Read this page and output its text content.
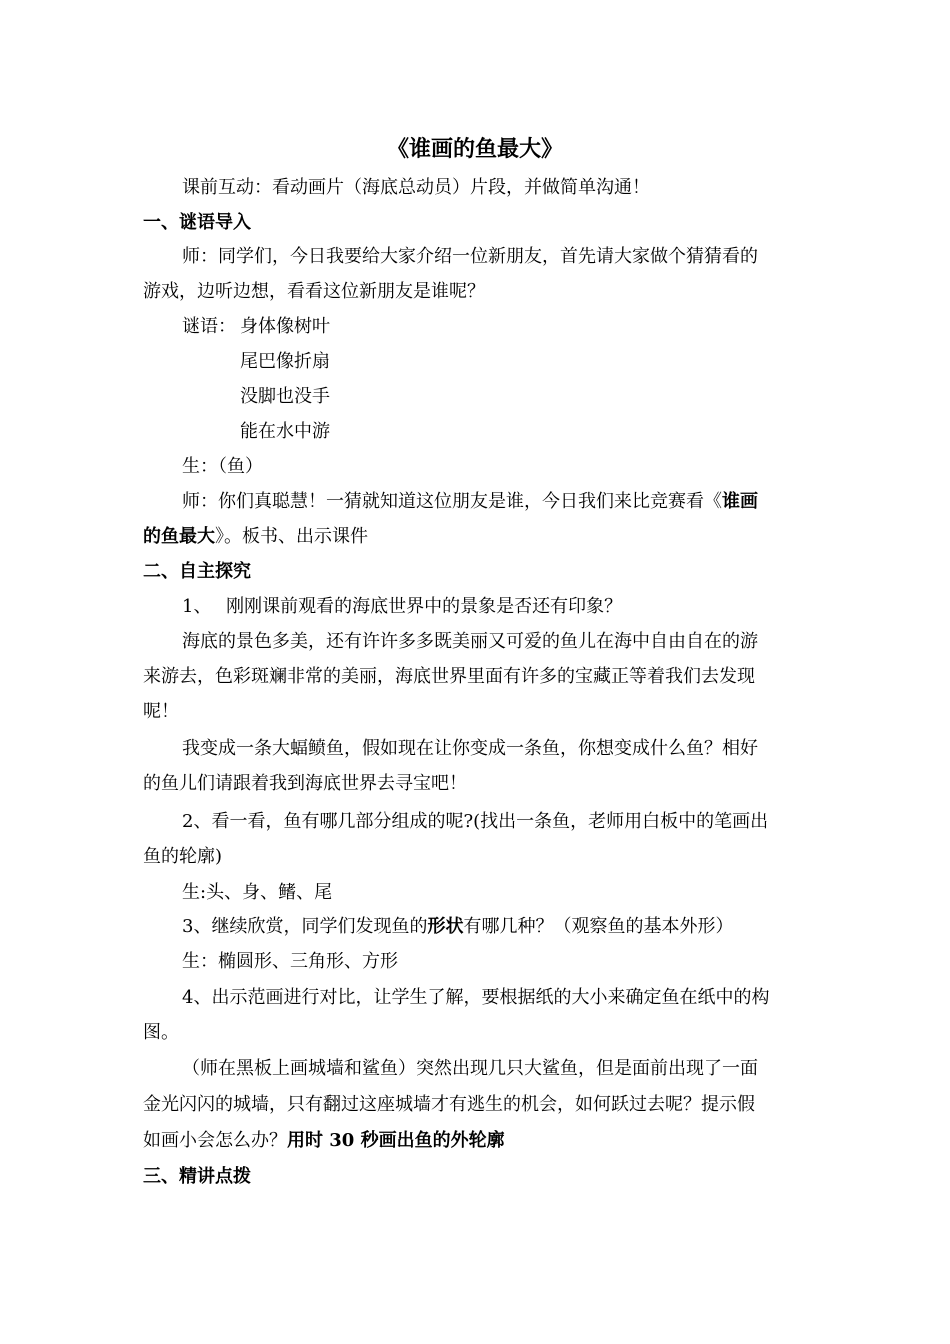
《谁画的鱼最大》
课前互动：看动画片（海底总动员）片段，并做简单沟通！
一、谜语导入
师：同学们，今日我要给大家介绍一位新朋友，首先请大家做个猜猜看的
游戏，边听边想，看看这位新朋友是谁呢？
谜语： 身体像树叶
尾巴像折扇
没脚也没手
能在水中游
生：（鱼）
师：你们真聪慧！一猜就知道这位朋友是谁，今日我们来比竞赛看《谁画
的鱼最大》。板书、出示课件
二、自主探究
1、　 刚刚课前观看的海底世界中的景象是否还有印象？
海底的景色多美，还有许许多多既美丽又可爱的鱼儿在海中自由自在的游
来游去，色彩斑斓非常的美丽，海底世界里面有许多的宝藏正等着我们去发现
呢！
我变成一条大蝠鲼鱼，假如现在让你变成一条鱼，你想变成什么鱼？相好
的鱼儿们请跟着我到海底世界去寻宝吧！
2、看一看，鱼有哪几部分组成的呢?(找出一条鱼，老师用白板中的笔画出
鱼的轮廓)
生:头、身、鳍、尾
3、继续欣赏，同学们发现鱼的形状有哪几种？（观察鱼的基本外形）
生：椭圆形、三角形、方形
4、出示范画进行对比，让学生了解，要根据纸的大小来确定鱼在纸中的构
图。
（师在黑板上画城墙和鲨鱼）突然出现几只大鲨鱼，但是面前出现了一面
金光闪闪的城墙，只有翻过这座城墙才有逃生的机会，如何跃过去呢？提示假
如画小会怎么办？用时 30 秒画出鱼的外轮廓
三、精讲点拨
